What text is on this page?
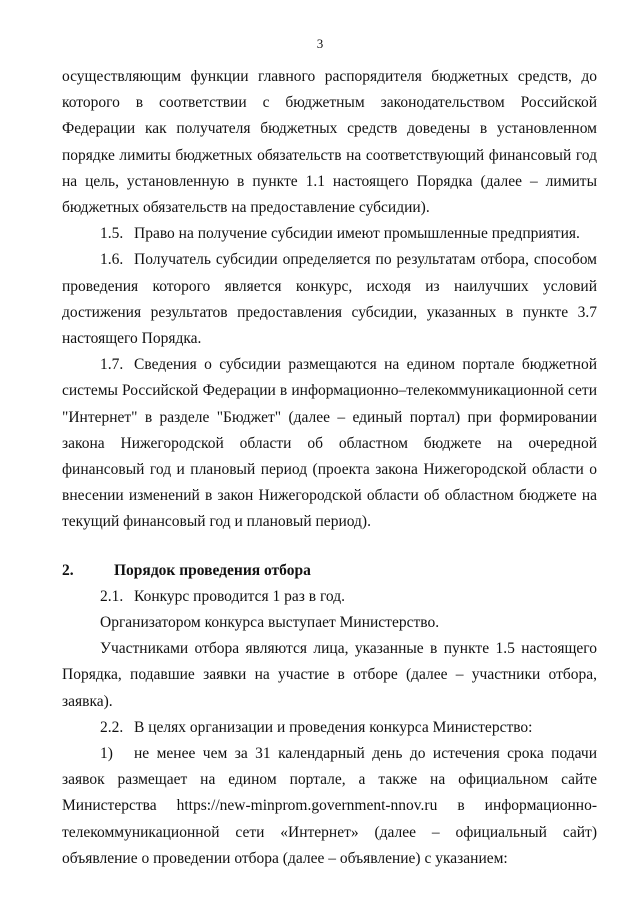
3

осуществляющим функции главного распорядителя бюджетных средств, до которого в соответствии с бюджетным законодательством Российской Федерации как получателя бюджетных средств доведены в установленном порядке лимиты бюджетных обязательств на соответствующий финансовый год на цель, установленную в пункте 1.1 настоящего Порядка (далее – лимиты бюджетных обязательств на предоставление субсидии).

1.5. Право на получение субсидии имеют промышленные предприятия.

1.6. Получатель субсидии определяется по результатам отбора, способом проведения которого является конкурс, исходя из наилучших условий достижения результатов предоставления субсидии, указанных в пункте 3.7 настоящего Порядка.

1.7. Сведения о субсидии размещаются на едином портале бюджетной системы Российской Федерации в информационно–телекоммуникационной сети "Интернет" в разделе "Бюджет" (далее – единый портал) при формировании закона Нижегородской области об областном бюджете на очередной финансовый год и плановый период (проекта закона Нижегородской области о внесении изменений в закон Нижегородской области об областном бюджете на текущий финансовый год и плановый период).

2.	Порядок проведения отбора

2.1. Конкурс проводится 1 раз в год.

Организатором конкурса выступает Министерство.

Участниками отбора являются лица, указанные в пункте 1.5 настоящего Порядка, подавшие заявки на участие в отборе (далее – участники отбора, заявка).

2.2. В целях организации и проведения конкурса Министерство:

1) не менее чем за 31 календарный день до истечения срока подачи заявок размещает на едином портале, а также на официальном сайте Министерства https://new-minprom.government-nnov.ru в информационно-телекоммуникационной сети «Интернет» (далее – официальный сайт) объявление о проведении отбора (далее – объявление) с указанием:
